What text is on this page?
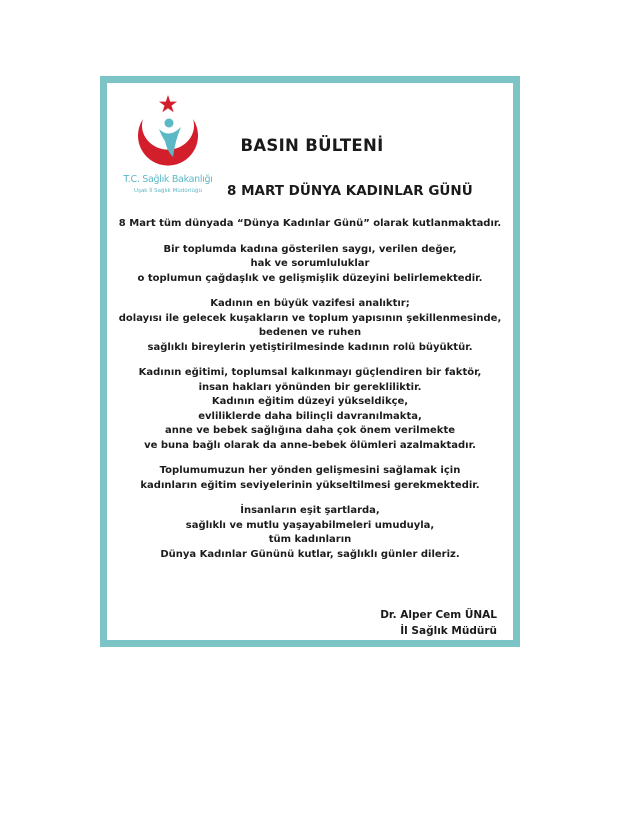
T.C. Sağlık Bakanlığı
Uşak İl Sağlık Müdürlüğü
BASIN BÜLTENİ
8 MART DÜNYA KADINLAR GÜNÜ

8 Mart tüm dünyada “Dünya Kadınlar Günü” olarak kutlanmaktadır.

Bir toplumda kadına gösterilen saygı, verilen değer,
hak ve sorumluluklar
o toplumun çağdaşlık ve gelişmişlik düzeyini belirlemektedir.

Kadının en büyük vazifesi analıktır;
dolayısı ile gelecek kuşakların ve toplum yapısının şekillenmesinde,
bedenen ve ruhen
sağlıklı bireylerin yetiştirilmesinde kadının rolü büyüktür.

Kadının eğitimi, toplumsal kalkınmayı güçlendiren bir faktör,
insan hakları yönünden bir gerekliliktir.
Kadının eğitim düzeyi yükseldikçe,
evliliklerde daha bilinçli davranılmakta,
anne ve bebek sağlığına daha çok önem verilmekte
ve buna bağlı olarak da anne-bebek ölümleri azalmaktadır.

Toplumumuzun her yönden gelişmesini sağlamak için
kadınların eğitim seviyelerinin yükseltilmesi gerekmektedir.

İnsanların eşit şartlarda,
sağlıklı ve mutlu yaşayabilmeleri umuduyla,
tüm kadınların
Dünya Kadınlar Gününü kutlar, sağlıklı günler dileriz.

Dr. Alper Cem ÜNAL
İl Sağlık Müdürü
